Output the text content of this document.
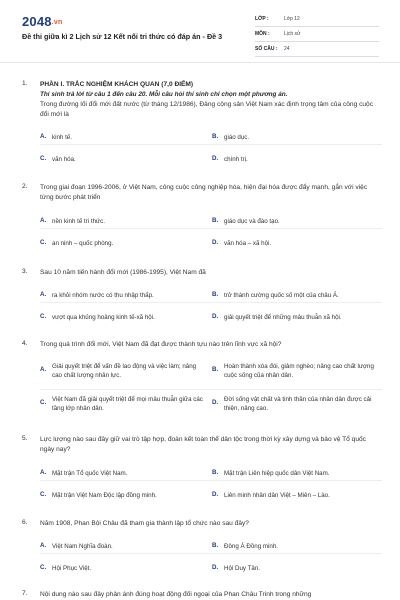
2048.vn
Đề thi giữa kì 2 Lịch sử 12 Kết nối tri thức có đáp án - Đề 3
LỚP :	Lớp 12
MÔN :	Lịch sử
SỐ CÂU :	24
1. PHẦN I. TRẮC NGHIỆM KHÁCH QUAN (7,0 ĐIỂM)
Thí sinh trả lời từ câu 1 đến câu 20. Mỗi câu hỏi thí sinh chỉ chọn một phương án.
Trong đường lối đổi mới đất nước (từ tháng 12/1986), Đảng cộng sản Việt Nam xác định trọng tâm của công cuộc đổi mới là
A. kinh tế.	B. giáo dục.
C. văn hóa.	D. chính trị.
2. Trong giai đoạn 1996-2006, ở Việt Nam, công cuộc công nghiệp hóa, hiện đại hóa được đẩy mạnh, gắn với việc từng bước phát triển
A. nền kinh tế tri thức.	B. giáo dục và đào tạo.
C. an ninh – quốc phòng.	D. văn hóa – xã hội.
3. Sau 10 năm tiến hành đổi mới (1986-1995), Việt Nam đã
A. ra khỏi nhóm nước có thu nhập thấp.	B. trở thành cường quốc số một của châu Á.
C. vượt qua khủng hoảng kinh tế-xã hội.	D. giải quyết triệt để những mâu thuẫn xã hội.
4. Trong quá trình đổi mới, Việt Nam đã đạt được thành tựu nào trên lĩnh vực xã hội?
A. Giải quyết triệt để vấn đề lao động và việc làm; nâng cao chất lượng nhân lực.
B. Hoàn thành xóa đói, giảm nghèo; nâng cao chất lượng cuộc sống của nhân dân.
C. Việt Nam đã giải quyết triệt để mọi mâu thuẫn giữa các tầng lớp nhân dân.
D. Đời sống vật chất và tinh thần của nhân dân được cải thiện, nâng cao.
5. Lực lượng nào sau đây giữ vai trò tập hợp, đoàn kết toàn thể dân tộc trong thời kỳ xây dựng và bảo vệ Tổ quốc ngày nay?
A. Mặt trận Tổ quốc Việt Nam.	B. Mặt trận Liên hiệp quốc dân Việt Nam.
C. Mặt trận Việt Nam Độc lập đồng minh.	D. Liên minh nhân dân Việt – Miên – Lào.
6. Năm 1908, Phan Bội Châu đã tham gia thành lập tổ chức nào sau đây?
A. Việt Nam Nghĩa đoàn.	B. Đông Á Đồng minh.
C. Hội Phục Việt.	D. Hội Duy Tân.
7. Nội dung nào sau đây phản ánh đúng hoạt động đối ngoại của Phan Châu Trinh trong những
